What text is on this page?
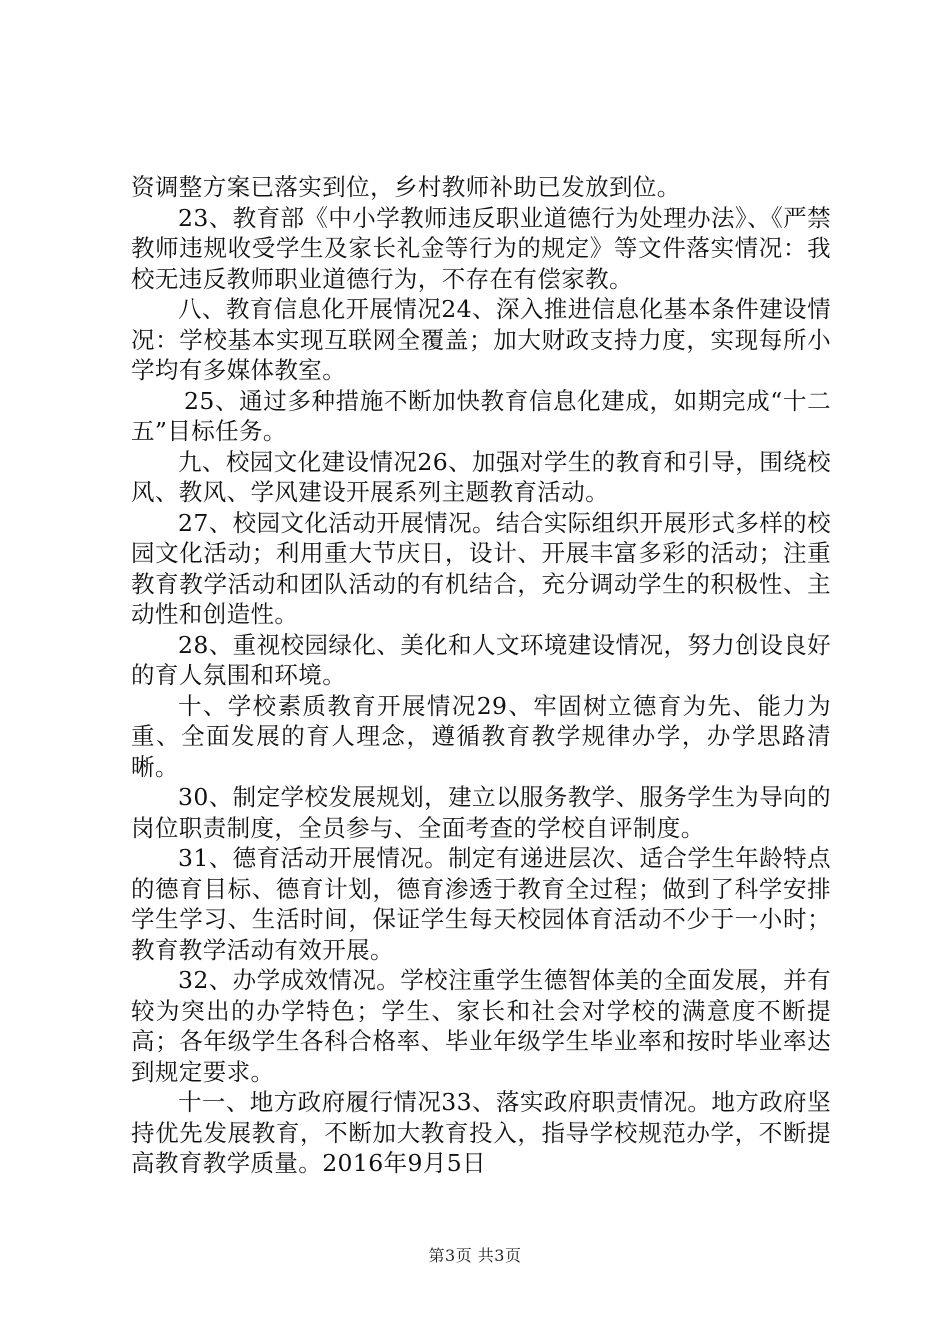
资调整方案已落实到位，乡村教师补助已发放到位。

23、教育部《中小学教师违反职业道德行为处理办法》、《严禁教师违规收受学生及家长礼金等行为的规定》等文件落实情况：我校无违反教师职业道德行为，不存在有偿家教。

八、教育信息化开展情况24、深入推进信息化基本条件建设情况：学校基本实现互联网全覆盖；加大财政支持力度，实现每所小学均有多媒体教室。

25、通过多种措施不断加快教育信息化建成，如期完成“十二五”目标任务。

九、校园文化建设情况26、加强对学生的教育和引导，围绕校风、教风、学风建设开展系列主题教育活动。

27、校园文化活动开展情况。结合实际组织开展形式多样的校园文化活动；利用重大节庆日，设计、开展丰富多彩的活动；注重教育教学活动和团队活动的有机结合，充分调动学生的积极性、主动性和创造性。

28、重视校园绿化、美化和人文环境建设情况，努力创设良好的育人氛围和环境。

十、学校素质教育开展情况29、牢固树立德育为先、能力为重、全面发展的育人理念，遵循教育教学规律办学，办学思路清晰。

30、制定学校发展规划，建立以服务教学、服务学生为导向的岗位职责制度，全员参与、全面考查的学校自评制度。

31、德育活动开展情况。制定有递进层次、适合学生年龄特点的德育目标、德育计划，德育渗透于教育全过程；做到了科学安排学生学习、生活时间，保证学生每天校园体育活动不少于一小时；教育教学活动有效开展。

32、办学成效情况。学校注重学生德智体美的全面发展，并有较为突出的办学特色；学生、家长和社会对学校的满意度不断提高；各年级学生各科合格率、毕业年级学生毕业率和按时毕业率达到规定要求。

十一、地方政府履行情况33、落实政府职责情况。地方政府坚持优先发展教育，不断加大教育投入，指导学校规范办学，不断提高教育教学质量。2016年9月5日

第3页 共3页
